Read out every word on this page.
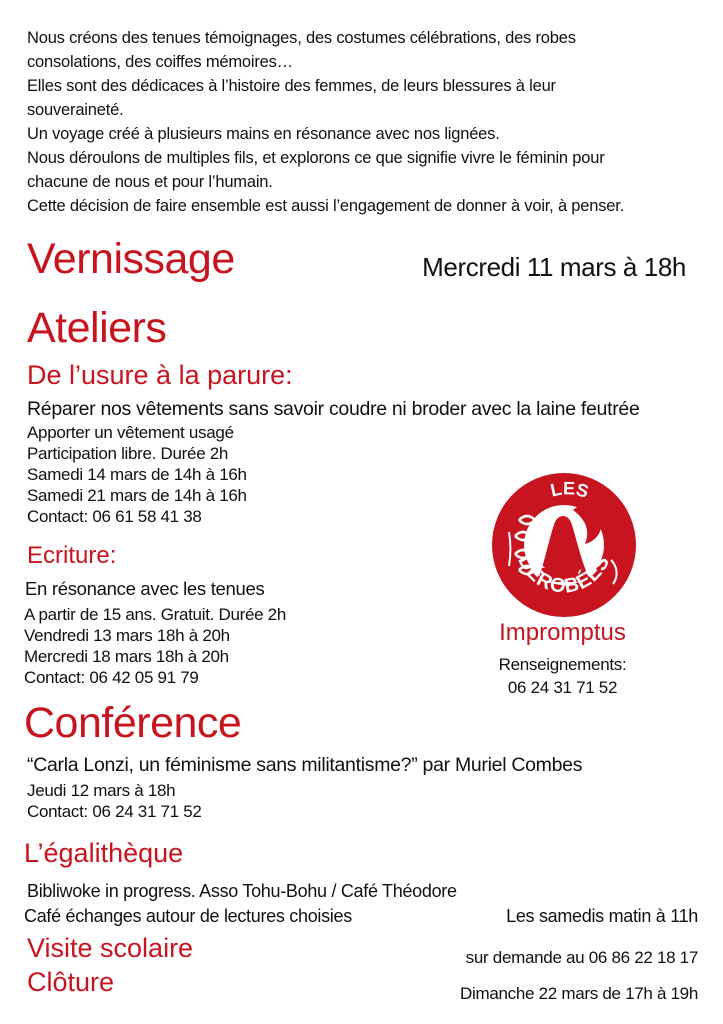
Nous créons des tenues témoignages, des costumes célébrations, des robes
consolations, des coiffes mémoires…
Elles sont des dédicaces à l’histoire des femmes, de leurs blessures à leur
souveraineté.
Un voyage créé à plusieurs mains en résonance avec nos lignées.
Nous déroulons de multiples fils, et explorons ce que signifie vivre le féminin pour
chacune de nous et pour l’humain.
Cette décision de faire ensemble est aussi l’engagement de donner à voir, à penser.
Vernissage	Mercredi 11 mars à 18h
Ateliers
De l’usure à la parure:
Réparer nos vêtements sans savoir coudre ni broder avec la laine feutrée
Apporter un vêtement usagé
Participation libre. Durée 2h
Samedi 14 mars de 14h à 16h
Samedi 21 mars de 14h à 16h
Contact: 06 61 58 41 38
Ecriture:
En résonance avec les tenues
A partir de 15 ans. Gratuit. Durée 2h
Vendredi 13 mars 18h à 20h
Mercredi 18 mars 18h à 20h
Contact: 06 42 05 91 79
DÉROBÉES
LES
Impromptus
Renseignements:
06 24 31 71 52
Conférence
“Carla Lonzi, un féminisme sans militantisme?” par Muriel Combes
Jeudi 12 mars à 18h
Contact: 06 24 31 71 52
L’égalithèque
Bibliwoke in progress. Asso Tohu-Bohu / Café Théodore
Café échanges autour de lectures choisies	Les samedis matin à 11h
Visite scolaire	sur demande au 06 86 22 18 17
Clôture	Dimanche 22 mars de 17h à 19h
